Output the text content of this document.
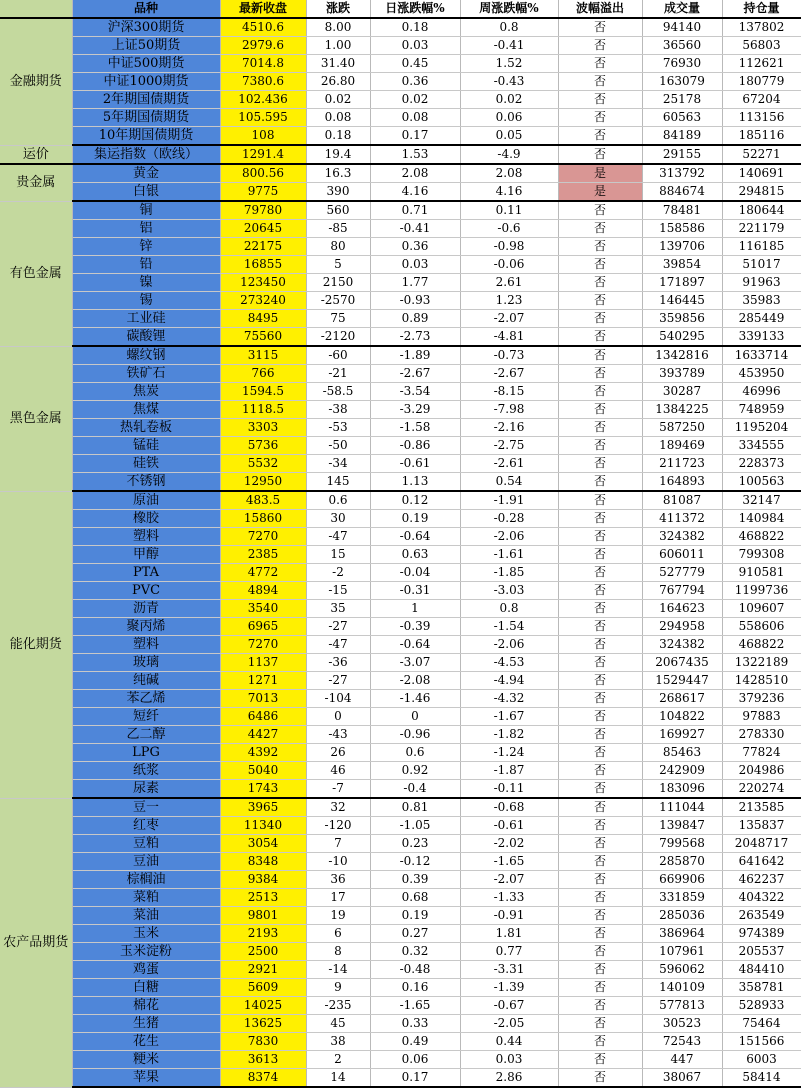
	品种	最新收盘	涨跌	日涨跌幅%	周涨跌幅%	波幅溢出	成交量	持仓量
金融期货	沪深300期货	4510.6	8.00	0.18	0.8	否	94140	137802
	上证50期货	2979.6	1.00	0.03	-0.41	否	36560	56803
	中证500期货	7014.8	31.40	0.45	1.52	否	76930	112621
	中证1000期货	7380.6	26.80	0.36	-0.43	否	163079	180779
	2年期国债期货	102.436	0.02	0.02	0.02	否	25178	67204
	5年期国债期货	105.595	0.08	0.08	0.06	否	60563	113156
	10年期国债期货	108	0.18	0.17	0.05	否	84189	185116
运价	集运指数（欧线）	1291.4	19.4	1.53	-4.9	否	29155	52271
贵金属	黄金	800.56	16.3	2.08	2.08	是	313792	140691
	白银	9775	390	4.16	4.16	是	884674	294815
有色金属	铜	79780	560	0.71	0.11	否	78481	180644
	铝	20645	-85	-0.41	-0.6	否	158586	221179
	锌	22175	80	0.36	-0.98	否	139706	116185
	铅	16855	5	0.03	-0.06	否	39854	51017
	镍	123450	2150	1.77	2.61	否	171897	91963
	锡	273240	-2570	-0.93	1.23	否	146445	35983
	工业硅	8495	75	0.89	-2.07	否	359856	285449
	碳酸锂	75560	-2120	-2.73	-4.81	否	540295	339133
黑色金属	螺纹钢	3115	-60	-1.89	-0.73	否	1342816	1633714
	铁矿石	766	-21	-2.67	-2.67	否	393789	453950
	焦炭	1594.5	-58.5	-3.54	-8.15	否	30287	46996
	焦煤	1118.5	-38	-3.29	-7.98	否	1384225	748959
	热轧卷板	3303	-53	-1.58	-2.16	否	587250	1195204
	锰硅	5736	-50	-0.86	-2.75	否	189469	334555
	硅铁	5532	-34	-0.61	-2.61	否	211723	228373
	不锈钢	12950	145	1.13	0.54	否	164893	100563
能化期货	原油	483.5	0.6	0.12	-1.91	否	81087	32147
	橡胶	15860	30	0.19	-0.28	否	411372	140984
	塑料	7270	-47	-0.64	-2.06	否	324382	468822
	甲醇	2385	15	0.63	-1.61	否	606011	799308
	PTA	4772	-2	-0.04	-1.85	否	527779	910581
	PVC	4894	-15	-0.31	-3.03	否	767794	1199736
	沥青	3540	35	1	0.8	否	164623	109607
	聚丙烯	6965	-27	-0.39	-1.54	否	294958	558606
	塑料	7270	-47	-0.64	-2.06	否	324382	468822
	玻璃	1137	-36	-3.07	-4.53	否	2067435	1322189
	纯碱	1271	-27	-2.08	-4.94	否	1529447	1428510
	苯乙烯	7013	-104	-1.46	-4.32	否	268617	379236
	短纤	6486	0	0	-1.67	否	104822	97883
	乙二醇	4427	-43	-0.96	-1.82	否	169927	278330
	LPG	4392	26	0.6	-1.24	否	85463	77824
	纸浆	5040	46	0.92	-1.87	否	242909	204986
	尿素	1743	-7	-0.4	-0.11	否	183096	220274
农产品期货	豆一	3965	32	0.81	-0.68	否	111044	213585
	红枣	11340	-120	-1.05	-0.61	否	139847	135837
	豆粕	3054	7	0.23	-2.02	否	799568	2048717
	豆油	8348	-10	-0.12	-1.65	否	285870	641642
	棕榈油	9384	36	0.39	-2.07	否	669906	462237
	菜粕	2513	17	0.68	-1.33	否	331859	404322
	菜油	9801	19	0.19	-0.91	否	285036	263549
	玉米	2193	6	0.27	1.81	否	386964	974389
	玉米淀粉	2500	8	0.32	0.77	否	107961	205537
	鸡蛋	2921	-14	-0.48	-3.31	否	596062	484410
	白糖	5609	9	0.16	-1.39	否	140109	358781
	棉花	14025	-235	-1.65	-0.67	否	577813	528933
	生猪	13625	45	0.33	-2.05	否	30523	75464
	花生	7830	38	0.49	0.44	否	72543	151566
	粳米	3613	2	0.06	0.03	否	447	6003
	苹果	8374	14	0.17	2.86	否	38067	58414
